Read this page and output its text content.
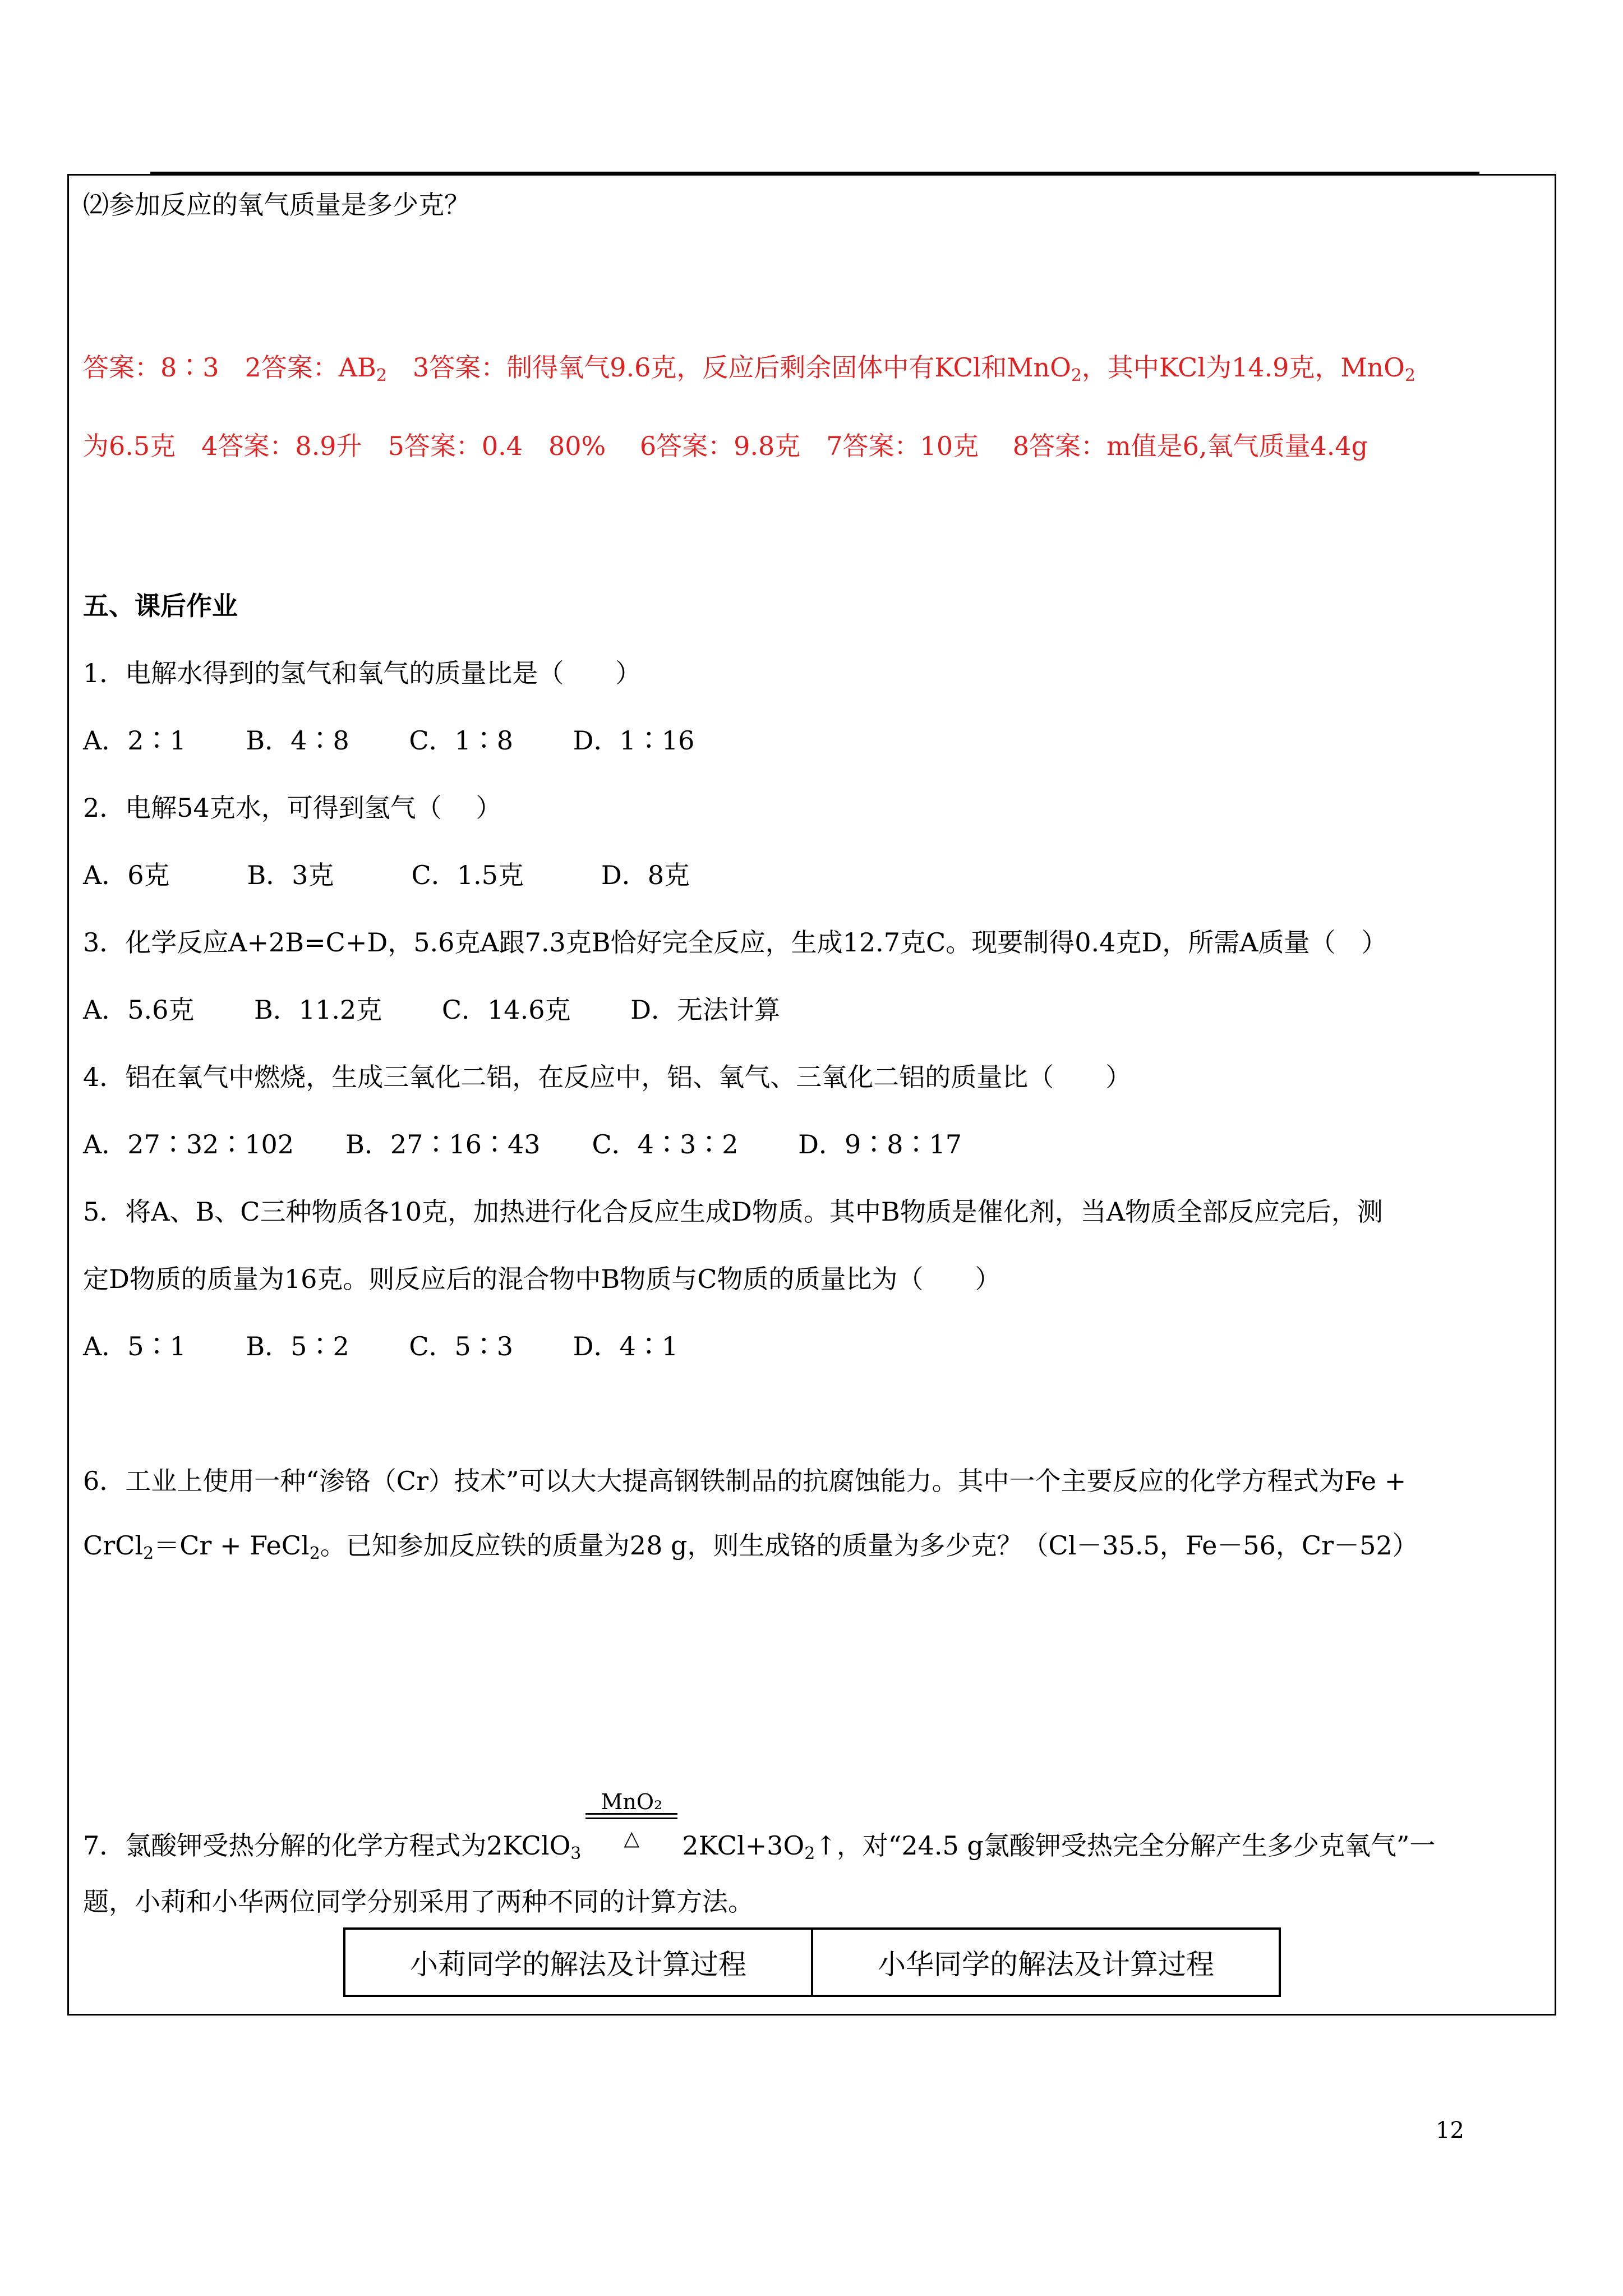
⑵参加反应的氧气质量是多少克？
答案：8∶3　2答案：$AB_2$　3答案：制得氧气9.6克，反应后剩余固体中有KCl和MnO$_2$，其中KCl为14.9克，MnO$_2$
为6.5克　4答案：8.9升　5答案：0.4　80%　 6答案：9.8克　7答案：10克　 8答案：m值是6,氧气质量4.4g
五、课后作业
1．电解水得到的氢气和氧气的质量比是（　　）
A．2∶1　　 B．4∶8　　 C．1∶8　　 D．1∶16
2．电解54克水，可得到氢气（　 ）
A．6克　　　B．3克　　　C．1.5克　　　D．8克
3．化学反应A+2B=C+D，5.6克A跟7.3克B恰好完全反应，生成12.7克C。现要制得0.4克D，所需A质量（　）
A．5.6克　　 B．11.2克　　 C．14.6克　　 D．无法计算
4．铝在氧气中燃烧，生成三氧化二铝，在反应中，铝、氧气、三氧化二铝的质量比（　　）
A．27∶32∶102　　B．27∶16∶43　　C．4∶3∶2　　 D．9∶8∶17
5．将A、B、C三种物质各10克，加热进行化合反应生成D物质。其中B物质是催化剂，当A物质全部反应完后，测
定D物质的质量为16克。则反应后的混合物中B物质与C物质的质量比为（　　）
A．5∶1　　 B．5∶2　　 C．5∶3　　 D．4∶1
6．工业上使用一种“渗铬（Cr）技术”可以大大提高钢铁制品的抗腐蚀能力。其中一个主要反应的化学方程式为Fe +
CrCl$_2$＝Cr + FeCl$_2$。已知参加反应铁的质量为28 g，则生成铬的质量为多少克？（Cl－35.5，Fe－56，Cr－52）
7．氯酸钾受热分解的化学方程式为2KClO$_3$
MnO₂
△	$2KCl+3O_2↑$，对“24.5 g氯酸钾受热完全分解产生多少克氧气”一
题，小莉和小华两位同学分别采用了两种不同的计算方法。
小莉同学的解法及计算过程	小华同学的解法及计算过程
12
